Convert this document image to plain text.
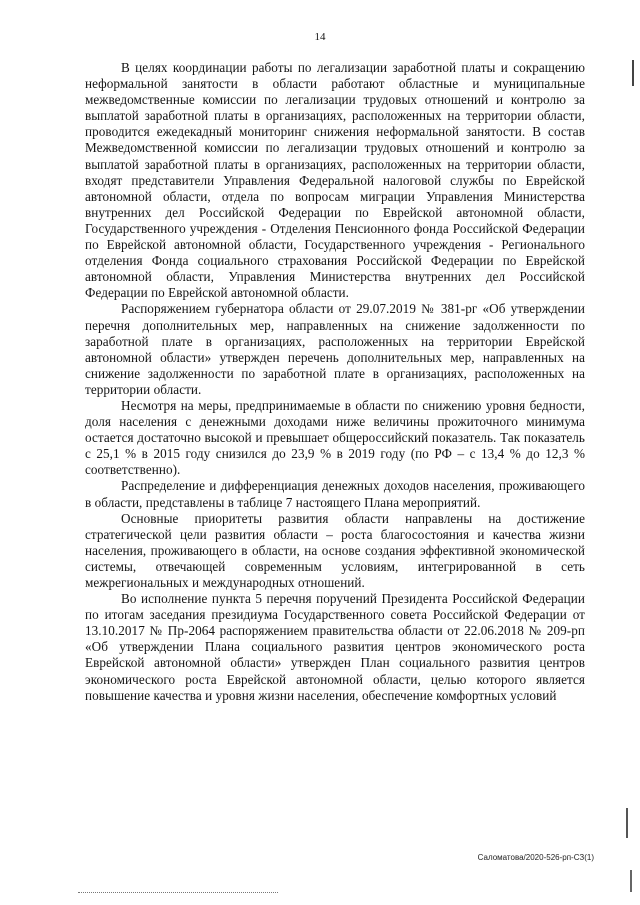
14

В целях координации работы по легализации заработной платы и сокращению неформальной занятости в области работают областные и муниципальные межведомственные комиссии по легализации трудовых отношений и контролю за выплатой заработной платы в организациях, расположенных на территории области, проводится ежедекадный мониторинг снижения неформальной занятости. В состав Межведомственной комиссии по легализации трудовых отношений и контролю за выплатой заработной платы в организациях, расположенных на территории области, входят представители Управления Федеральной налоговой службы по Еврейской автономной области, отдела по вопросам миграции Управления Министерства внутренних дел Российской Федерации по Еврейской автономной области, Государственного учреждения - Отделения Пенсионного фонда Российской Федерации по Еврейской автономной области, Государственного учреждения - Регионального отделения Фонда социального страхования Российской Федерации по Еврейской автономной области, Управления Министерства внутренних дел Российской Федерации по Еврейской автономной области.

Распоряжением губернатора области от 29.07.2019 № 381-рг «Об утверждении перечня дополнительных мер, направленных на снижение задолженности по заработной плате в организациях, расположенных на территории Еврейской автономной области» утвержден перечень дополнительных мер, направленных на снижение задолженности по заработной плате в организациях, расположенных на территории области.

Несмотря на меры, предпринимаемые в области по снижению уровня бедности, доля населения с денежными доходами ниже величины прожиточного минимума остается достаточно высокой и превышает общероссийский показатель. Так показатель с 25,1 % в 2015 году снизился до 23,9 % в 2019 году (по РФ – с 13,4 % до 12,3 % соответственно).

Распределение и дифференциация денежных доходов населения, проживающего в области, представлены в таблице 7 настоящего Плана мероприятий.

Основные приоритеты развития области направлены на достижение стратегической цели развития области – роста благосостояния и качества жизни населения, проживающего в области, на основе создания эффективной экономической системы, отвечающей современным условиям, интегрированной в сеть межрегиональных и международных отношений.

Во исполнение пункта 5 перечня поручений Президента Российской Федерации по итогам заседания президиума Государственного совета Российской Федерации от 13.10.2017 № Пр-2064 распоряжением правительства области от 22.06.2018 № 209-рп «Об утверждении Плана социального развития центров экономического роста Еврейской автономной области» утвержден План социального развития центров экономического роста Еврейской автономной области, целью которого является повышение качества и уровня жизни населения, обеспечение комфортных условий

Саломатова/2020-526-рп-СЗ(1)
